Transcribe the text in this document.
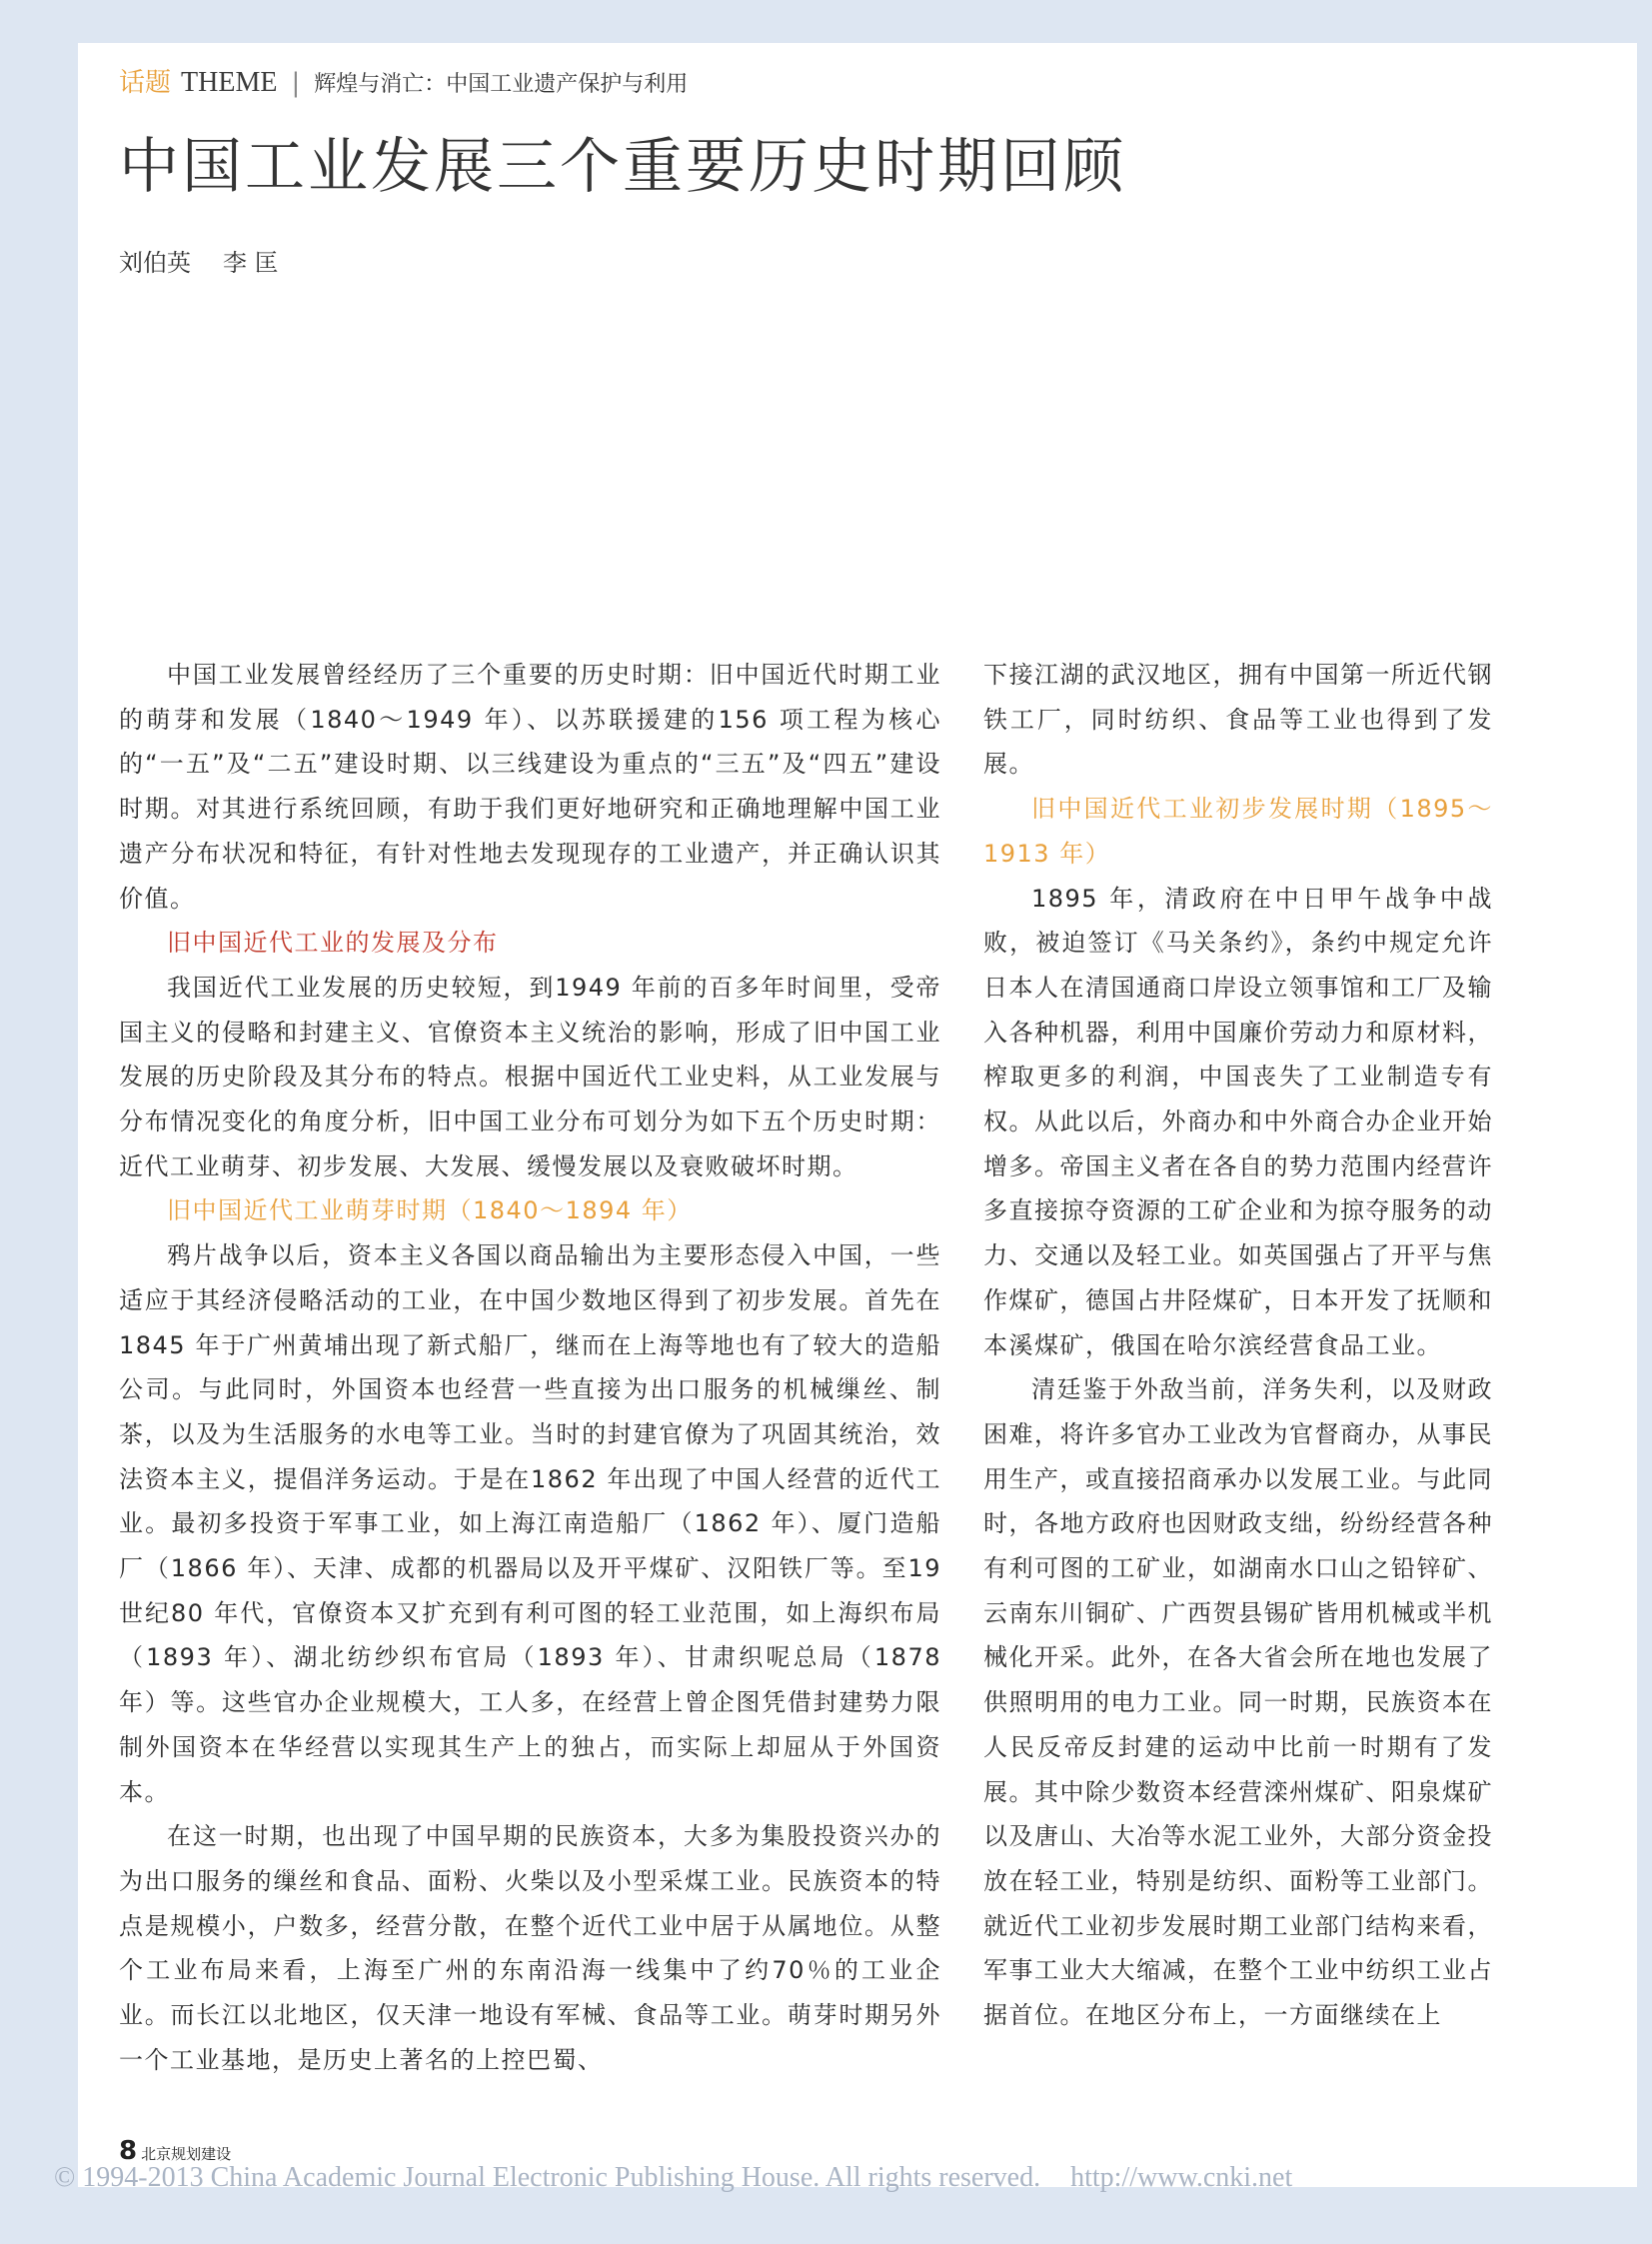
话题 THEME | 辉煌与消亡：中国工业遗产保护与利用
中国工业发展三个重要历史时期回顾
刘伯英 李 匡

中国工业发展曾经经历了三个重要的历史时期：旧中国近代时期工业的萌芽和发展（1840～1949 年）、以苏联援建的156 项工程为核心的“一五”及“二五”建设时期、以三线建设为重点的“三五”及“四五”建设时期。对其进行系统回顾，有助于我们更好地研究和正确地理解中国工业遗产分布状况和特征，有针对性地去发现现存的工业遗产，并正确认识其价值。

旧中国近代工业的发展及分布

我国近代工业发展的历史较短，到1949 年前的百多年时间里，受帝国主义的侵略和封建主义、官僚资本主义统治的影响，形成了旧中国工业发展的历史阶段及其分布的特点。根据中国近代工业史料，从工业发展与分布情况变化的角度分析，旧中国工业分布可划分为如下五个历史时期：近代工业萌芽、初步发展、大发展、缓慢发展以及衰败破坏时期。

旧中国近代工业萌芽时期（1840～1894 年）

鸦片战争以后，资本主义各国以商品输出为主要形态侵入中国，一些适应于其经济侵略活动的工业，在中国少数地区得到了初步发展。首先在1845 年于广州黄埔出现了新式船厂，继而在上海等地也有了较大的造船公司。与此同时，外国资本也经营一些直接为出口服务的机械缫丝、制茶，以及为生活服务的水电等工业。当时的封建官僚为了巩固其统治，效法资本主义，提倡洋务运动。于是在1862 年出现了中国人经营的近代工业。最初多投资于军事工业，如上海江南造船厂（1862 年）、厦门造船厂（1866 年）、天津、成都的机器局以及开平煤矿、汉阳铁厂等。至19 世纪80 年代，官僚资本又扩充到有利可图的轻工业范围，如上海织布局（1893 年）、湖北纺纱织布官局（1893 年）、甘肃织呢总局（1878 年）等。这些官办企业规模大，工人多，在经营上曾企图凭借封建势力限制外国资本在华经营以实现其生产上的独占，而实际上却屈从于外国资本。

在这一时期，也出现了中国早期的民族资本，大多为集股投资兴办的为出口服务的缫丝和食品、面粉、火柴以及小型采煤工业。民族资本的特点是规模小，户数多，经营分散，在整个近代工业中居于从属地位。从整个工业布局来看，上海至广州的东南沿海一线集中了约70％的工业企业。而长江以北地区，仅天津一地设有军械、食品等工业。萌芽时期另外一个工业基地，是历史上著名的上控巴蜀、

下接江湖的武汉地区，拥有中国第一所近代钢铁工厂，同时纺织、食品等工业也得到了发展。

旧中国近代工业初步发展时期（1895～1913 年）

1895 年，清政府在中日甲午战争中战败，被迫签订《马关条约》，条约中规定允许日本人在清国通商口岸设立领事馆和工厂及输入各种机器，利用中国廉价劳动力和原材料，榨取更多的利润，中国丧失了工业制造专有权。从此以后，外商办和中外商合办企业开始增多。帝国主义者在各自的势力范围内经营许多直接掠夺资源的工矿企业和为掠夺服务的动力、交通以及轻工业。如英国强占了开平与焦作煤矿，德国占井陉煤矿，日本开发了抚顺和本溪煤矿，俄国在哈尔滨经营食品工业。

清廷鉴于外敌当前，洋务失利，以及财政困难，将许多官办工业改为官督商办，从事民用生产，或直接招商承办以发展工业。与此同时，各地方政府也因财政支绌，纷纷经营各种有利可图的工矿业，如湖南水口山之铅锌矿、云南东川铜矿、广西贺县锡矿皆用机械或半机械化开采。此外，在各大省会所在地也发展了供照明用的电力工业。同一时期，民族资本在人民反帝反封建的运动中比前一时期有了发展。其中除少数资本经营滦州煤矿、阳泉煤矿以及唐山、大冶等水泥工业外，大部分资金投放在轻工业，特别是纺织、面粉等工业部门。就近代工业初步发展时期工业部门结构来看，军事工业大大缩减，在整个工业中纺织工业占据首位。在地区分布上，一方面继续在上

8 北京规划建设
© 1994-2013 China Academic Journal Electronic Publishing House. All rights reserved. http://www.cnki.net
